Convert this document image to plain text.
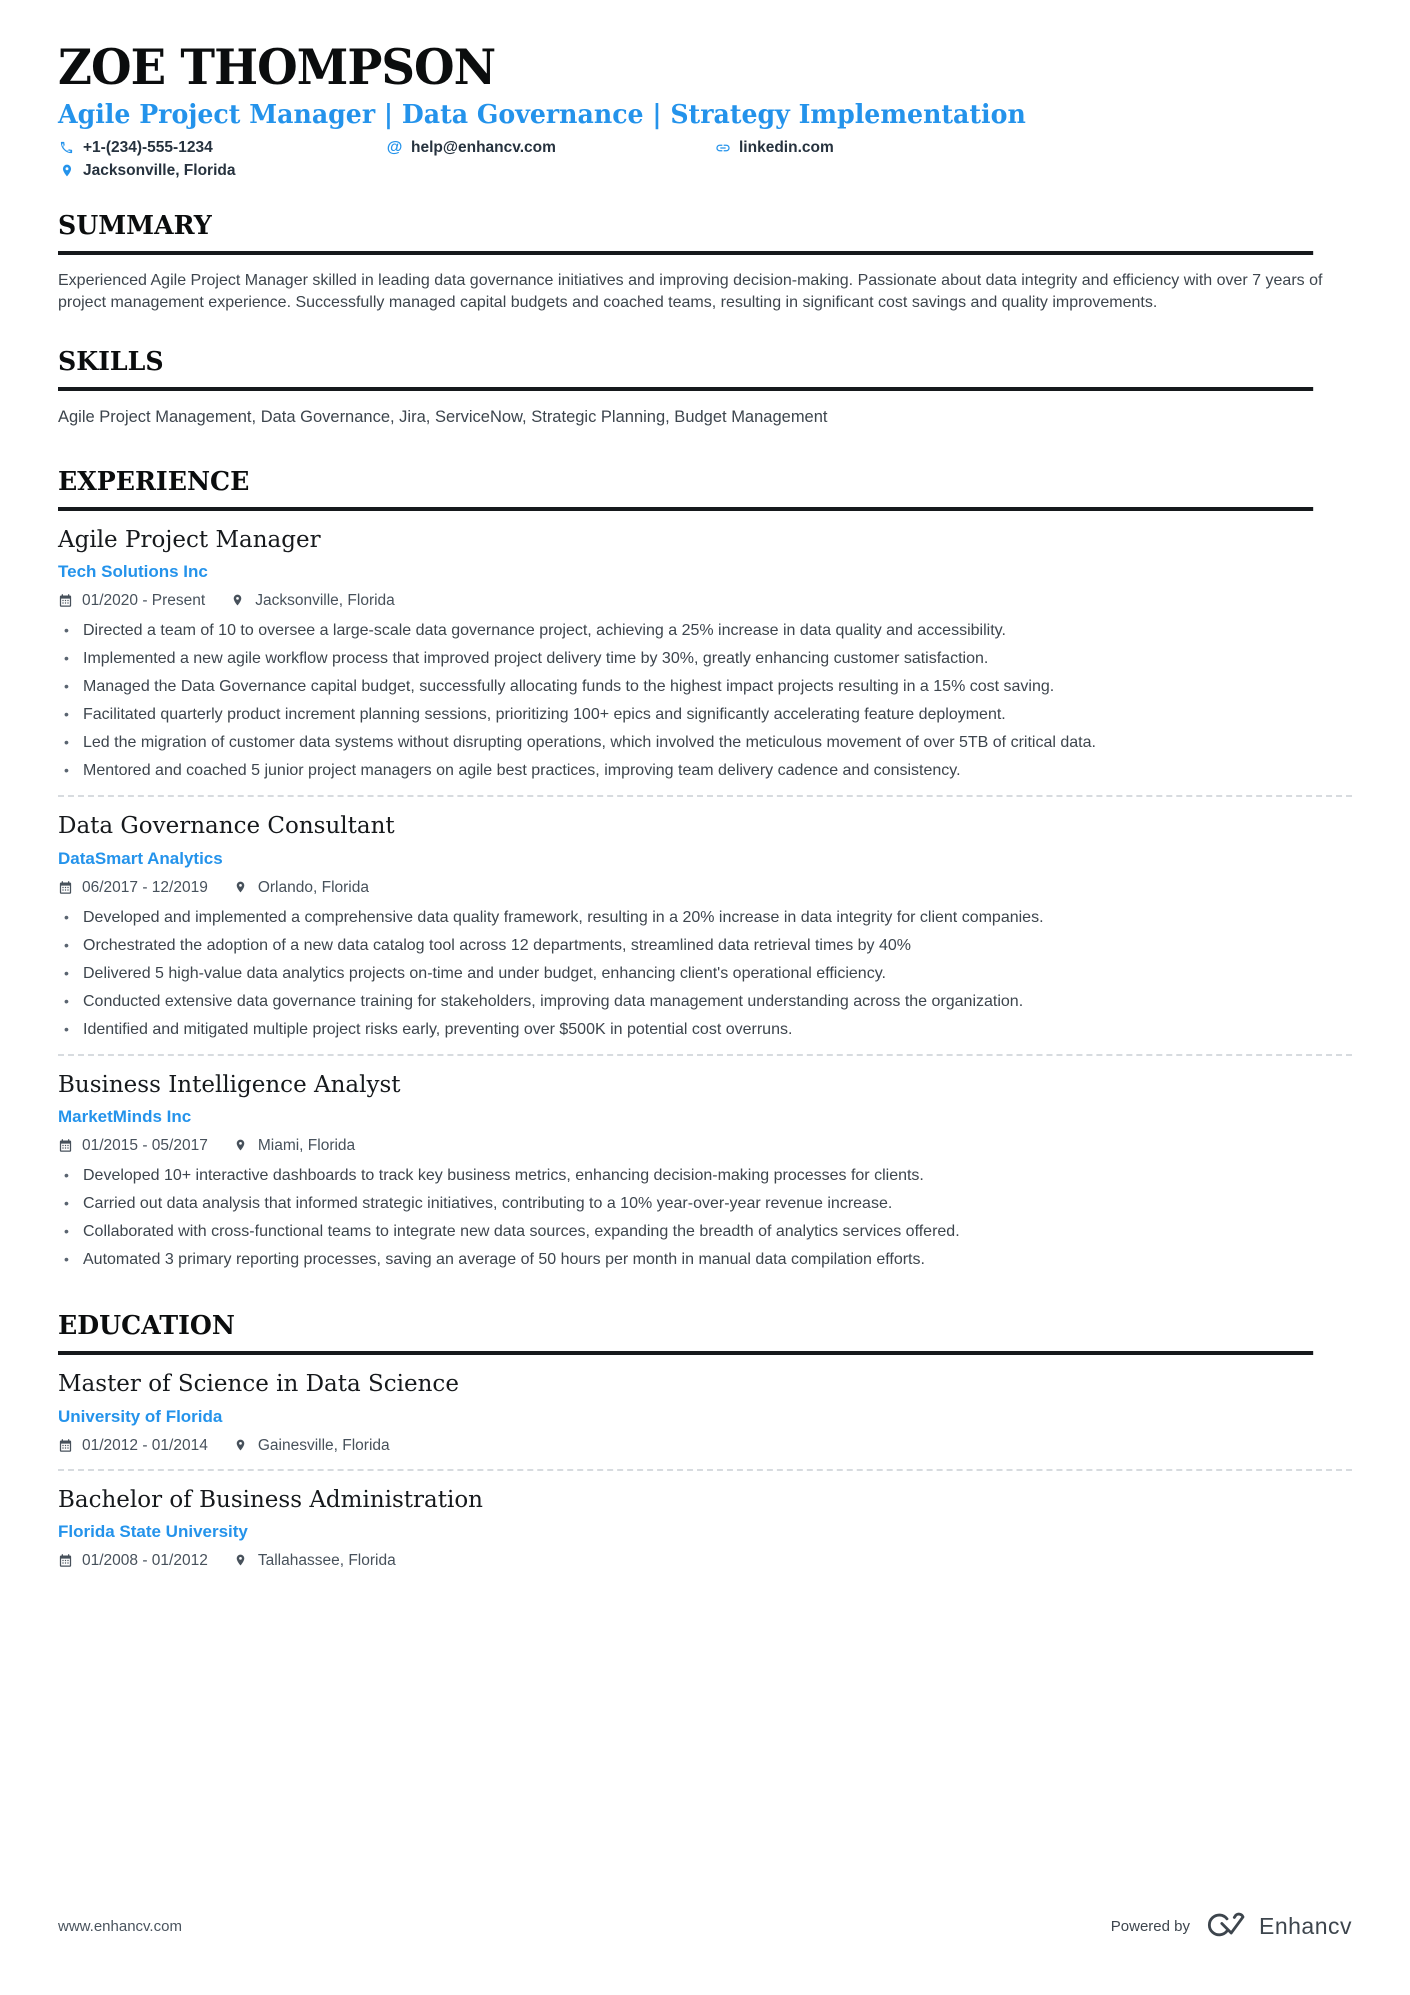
ZOE THOMPSON
Agile Project Manager | Data Governance | Strategy Implementation
+1-(234)-555-1234	@ help@enhancv.com	linkedin.com
Jacksonville, Florida
SUMMARY

Experienced Agile Project Manager skilled in leading data governance initiatives and improving decision-making. Passionate about data integrity and efficiency with over 7 years of project management experience. Successfully managed capital budgets and coached teams, resulting in significant cost savings and quality improvements.

SKILLS

Agile Project Management, Data Governance, Jira, ServiceNow, Strategic Planning, Budget Management

EXPERIENCE
Agile Project Manager
Tech Solutions Inc
01/2020 - Present	Jacksonville, Florida
• Directed a team of 10 to oversee a large-scale data governance project, achieving a 25% increase in data quality and accessibility.
• Implemented a new agile workflow process that improved project delivery time by 30%, greatly enhancing customer satisfaction.
• Managed the Data Governance capital budget, successfully allocating funds to the highest impact projects resulting in a 15% cost saving.
• Facilitated quarterly product increment planning sessions, prioritizing 100+ epics and significantly accelerating feature deployment.
• Led the migration of customer data systems without disrupting operations, which involved the meticulous movement of over 5TB of critical data.
• Mentored and coached 5 junior project managers on agile best practices, improving team delivery cadence and consistency.
Data Governance Consultant
DataSmart Analytics
06/2017 - 12/2019	Orlando, Florida
• Developed and implemented a comprehensive data quality framework, resulting in a 20% increase in data integrity for client companies.
• Orchestrated the adoption of a new data catalog tool across 12 departments, streamlined data retrieval times by 40%
• Delivered 5 high-value data analytics projects on-time and under budget, enhancing client's operational efficiency.
• Conducted extensive data governance training for stakeholders, improving data management understanding across the organization.
• Identified and mitigated multiple project risks early, preventing over $500K in potential cost overruns.
Business Intelligence Analyst
MarketMinds Inc
01/2015 - 05/2017	Miami, Florida
• Developed 10+ interactive dashboards to track key business metrics, enhancing decision-making processes for clients.
• Carried out data analysis that informed strategic initiatives, contributing to a 10% year-over-year revenue increase.
• Collaborated with cross-functional teams to integrate new data sources, expanding the breadth of analytics services offered.
• Automated 3 primary reporting processes, saving an average of 50 hours per month in manual data compilation efforts.
EDUCATION
Master of Science in Data Science
University of Florida
01/2012 - 01/2014	Gainesville, Florida
Bachelor of Business Administration
Florida State University
01/2008 - 01/2012	Tallahassee, Florida
www.enhancv.com	Powered by	Enhancv
